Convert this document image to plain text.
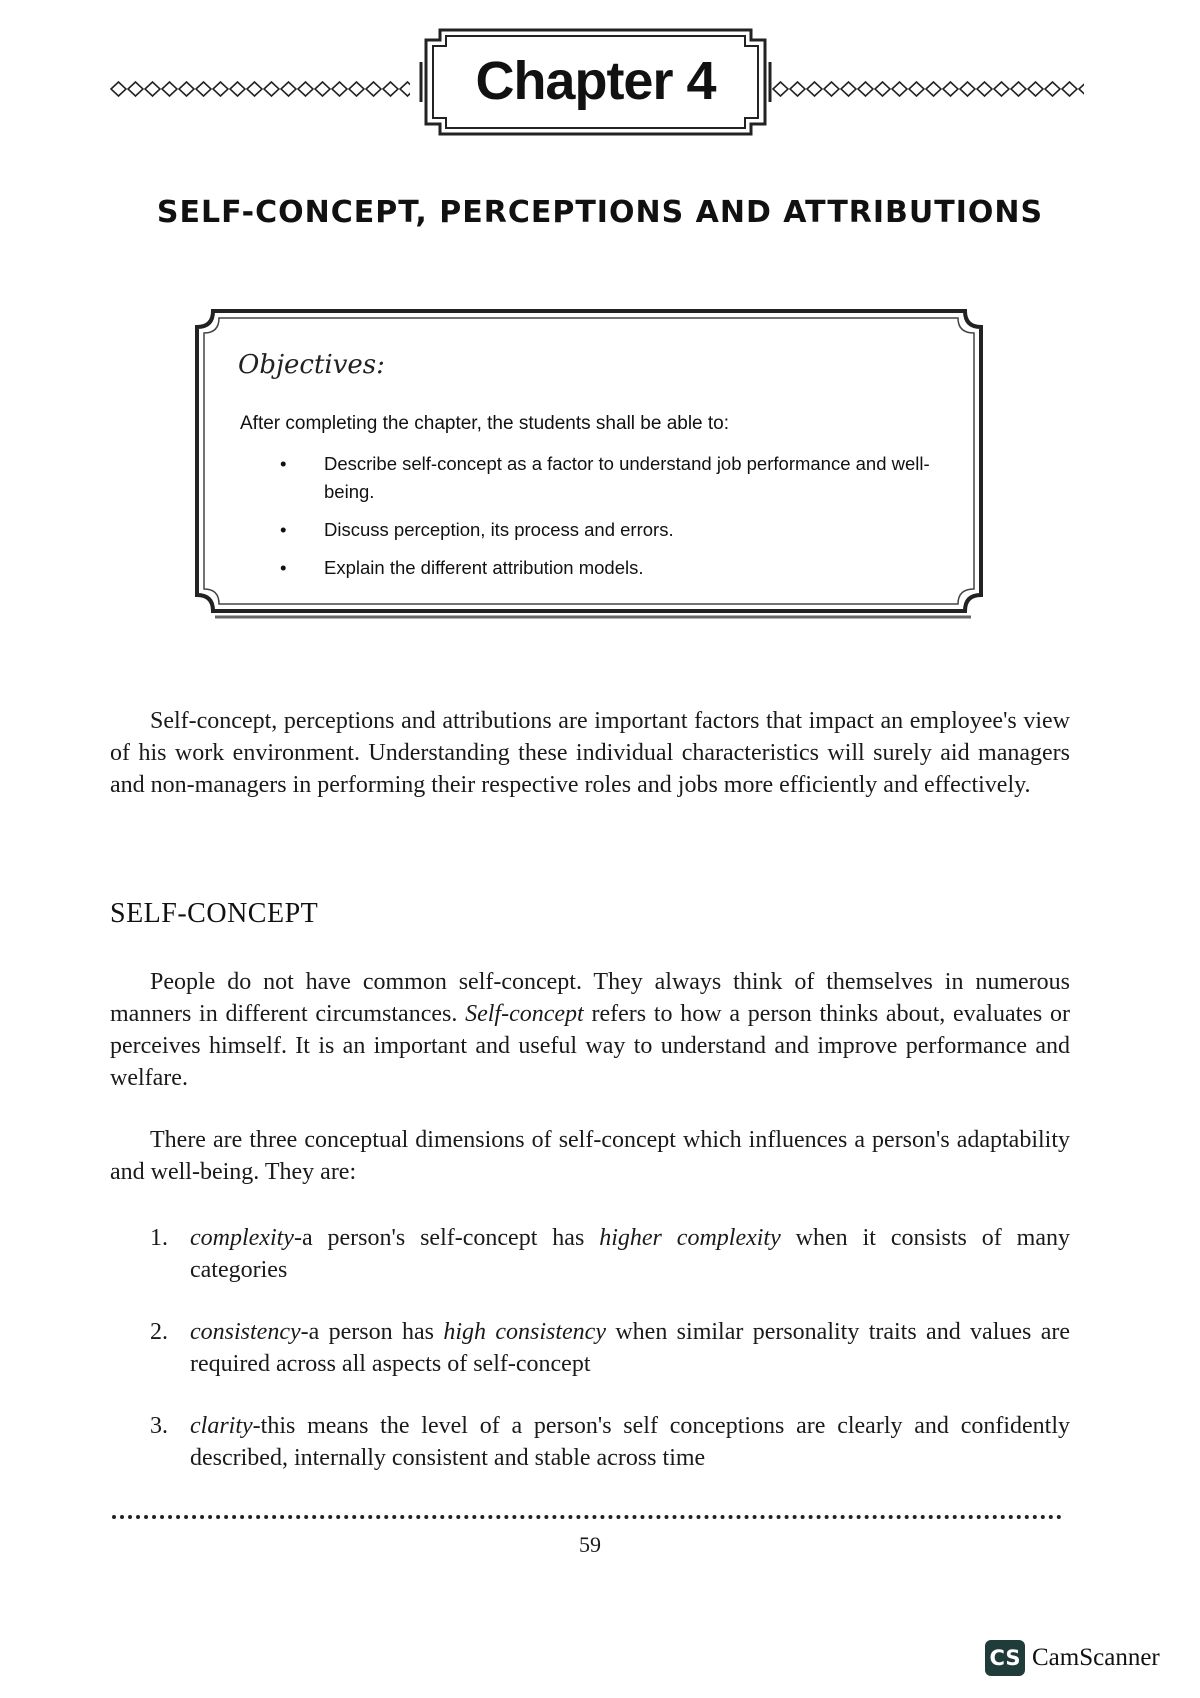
Chapter 4
SELF-CONCEPT, PERCEPTIONS AND ATTRIBUTIONS
Objectives:
After completing the chapter, the students shall be able to:
• Describe self-concept as a factor to understand job performance and well-being.
• Discuss perception, its process and errors.
• Explain the different attribution models.
Self-concept, perceptions and attributions are important factors that impact an employee's view of his work environment. Understanding these individual characteristics will surely aid managers and non-managers in performing their respective roles and jobs more efficiently and effectively.
SELF-CONCEPT
People do not have common self-concept. They always think of themselves in numerous manners in different circumstances. Self-concept refers to how a person thinks about, evaluates or perceives himself. It is an important and useful way to understand and improve performance and welfare.
There are three conceptual dimensions of self-concept which influences a person's adaptability and well-being. They are:
1. complexity-a person's self-concept has higher complexity when it consists of many categories
2. consistency-a person has high consistency when similar personality traits and values are required across all aspects of self-concept
3. clarity-this means the level of a person's self conceptions are clearly and confidently described, internally consistent and stable across time
59
CS CamScanner
